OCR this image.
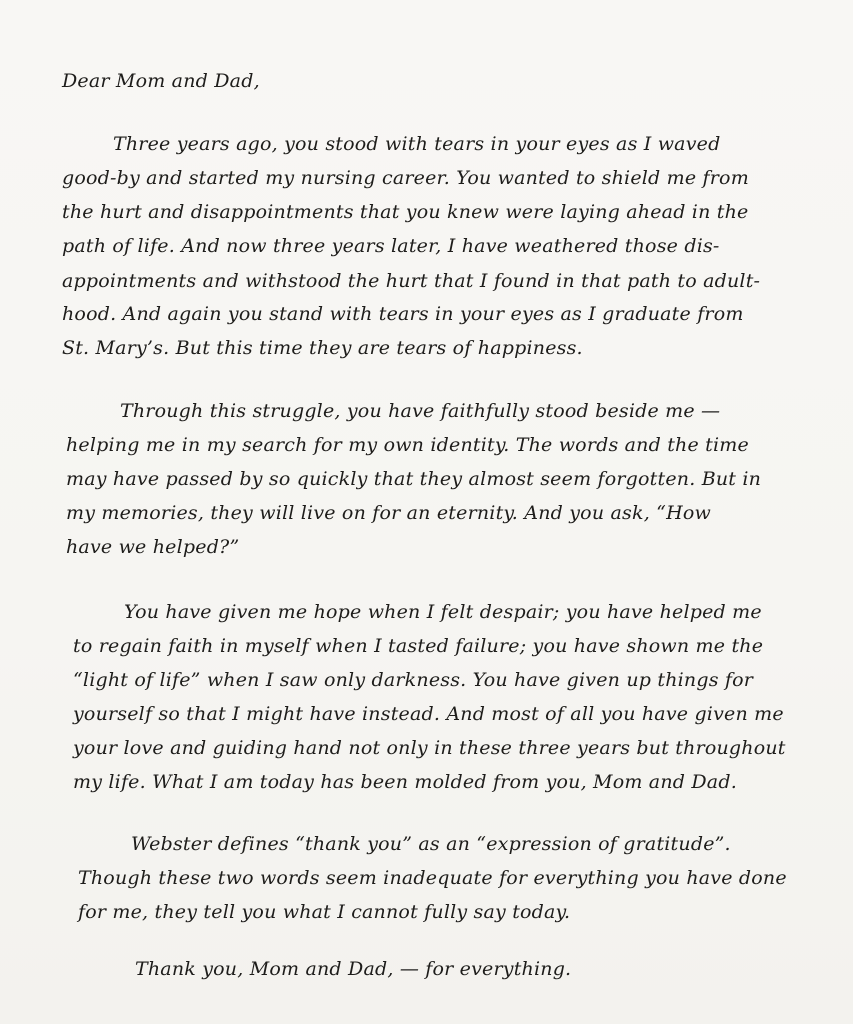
Dear Mom and Dad,
Three years ago, you stood with tears in your eyes as I waved
good-by and started my nursing career. You wanted to shield me from
the hurt and disappointments that you knew were laying ahead in the
path of life. And now three years later, I have weathered those dis-
appointments and withstood the hurt that I found in that path to adult-
hood. And again you stand with tears in your eyes as I graduate from
St. Mary’s. But this time they are tears of happiness.
Through this struggle, you have faithfully stood beside me —
helping me in my search for my own identity. The words and the time
may have passed by so quickly that they almost seem forgotten. But in
my memories, they will live on for an eternity. And you ask, “How
have we helped?”
You have given me hope when I felt despair; you have helped me
to regain faith in myself when I tasted failure; you have shown me the
“light of life” when I saw only darkness. You have given up things for
yourself so that I might have instead. And most of all you have given me
your love and guiding hand not only in these three years but throughout
my life. What I am today has been molded from you, Mom and Dad.
Webster defines “thank you” as an “expression of gratitude”.
Though these two words seem inadequate for everything you have done
for me, they tell you what I cannot fully say today.
Thank you, Mom and Dad, — for everything.
